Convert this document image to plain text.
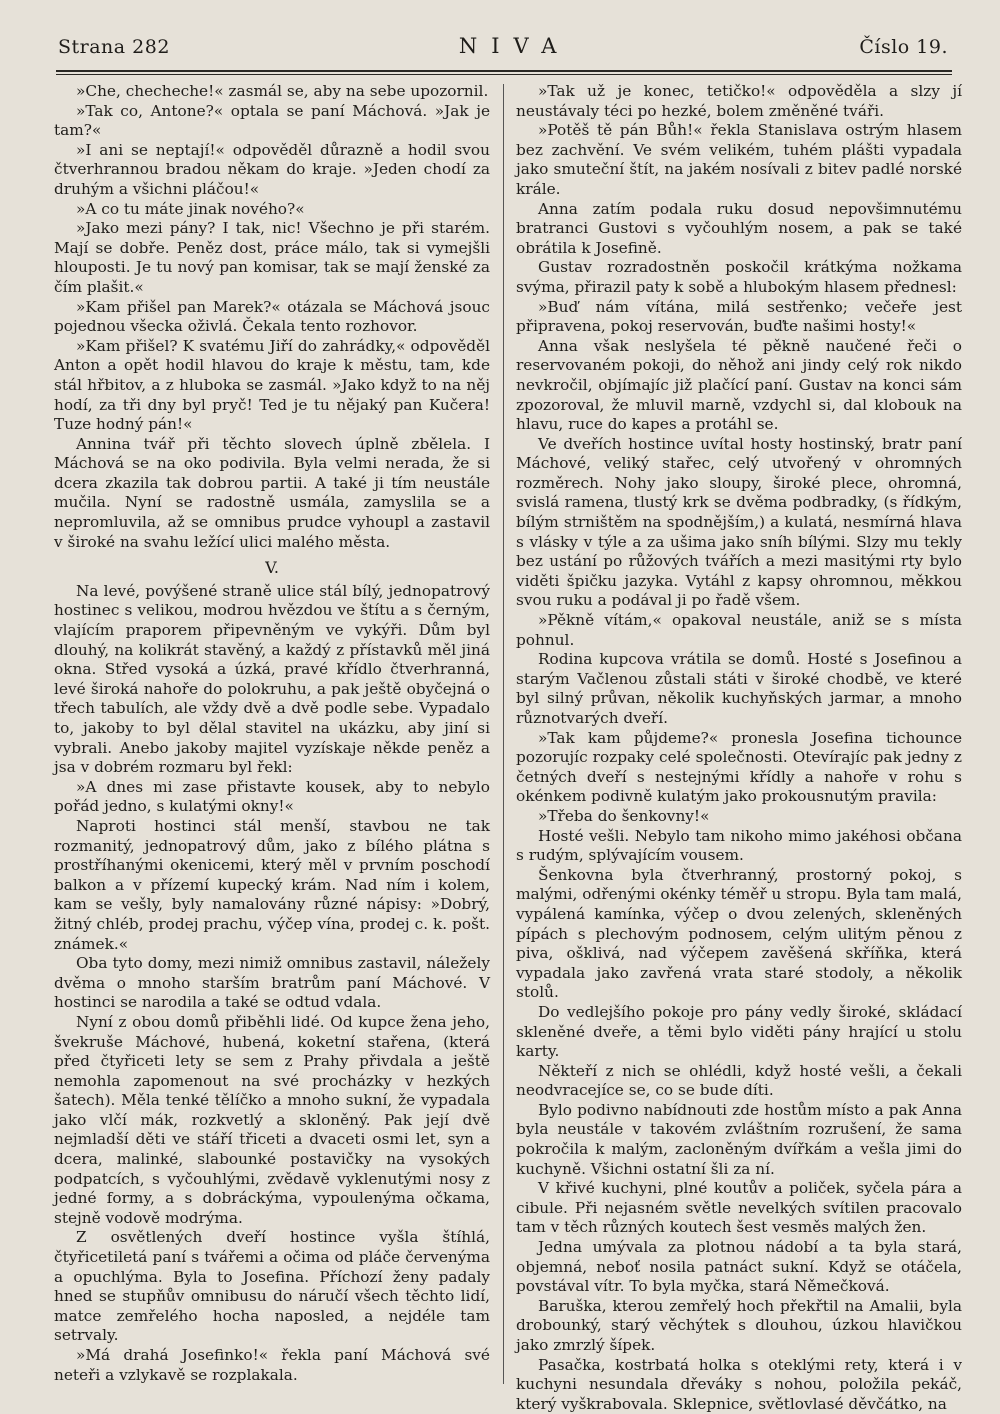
Strana 282	NIVA	Číslo 19.

»Che, checheche!« zasmál se, aby na sebe upozornil.

»Tak co, Antone?« optala se paní Máchová. »Jak je tam?«

»I ani se neptají!« odpověděl důrazně a hodil svou čtverhrannou bradou někam do kraje. »Jeden chodí za druhým a všichni pláčou!«

»A co tu máte jinak nového?«

»Jako mezi pány? I tak, nic! Všechno je při starém. Mají se dobře. Peněz dost, práce málo, tak si vymejšli hlouposti. Je tu nový pan komisar, tak se mají ženské za čím plašit.«

»Kam přišel pan Marek?« otázala se Máchová jsouc pojednou všecka oživlá. Čekala tento rozhovor.

»Kam přišel? K svatému Jiří do zahrádky,« odpověděl Anton a opět hodil hlavou do kraje k městu, tam, kde stál hřbitov, a z hluboka se zasmál. »Jako když to na něj hodí, za tři dny byl pryč! Ted je tu nějaký pan Kučera! Tuze hodný pán!«

Annina tvář při těchto slovech úplně zbělela. I Máchová se na oko podivila. Byla velmi nerada, že si dcera zkazila tak dobrou partii. A také ji tím neustále mučila. Nyní se radostně usmála, zamyslila se a nepromluvila, až se omnibus prudce vyhoupl a zastavil v široké na svahu ležící ulici malého města.

V.

Na levé, povýšené straně ulice stál bílý, jednopatrový hostinec s velikou, modrou hvězdou ve štítu a s černým, vlajícím praporem připevněným ve vykýři. Dům byl dlouhý, na kolikrát stavěný, a každý z přístavků měl jiná okna. Střed vysoká a úzká, pravé křídlo čtverhranná, levé široká nahoře do polokruhu, a pak ještě obyčejná o třech tabulích, ale vždy dvě a dvě podle sebe. Vypadalo to, jakoby to byl dělal stavitel na ukázku, aby jiní si vybrali. Anebo jakoby majitel vyzískaje někde peněz a jsa v dobrém rozmaru byl řekl:

»A dnes mi zase přistavte kousek, aby to nebylo pořád jedno, s kulatými okny!«

Naproti hostinci stál menší, stavbou ne tak rozmanitý, jednopatrový dům, jako z bílého plátna s prostříhanými okenicemi, který měl v prvním poschodí balkon a v přízemí kupecký krám. Nad ním i kolem, kam se vešly, byly namalovány různé nápisy: »Dobrý, žitný chléb, prodej prachu, výčep vína, prodej c. k. pošt. známek.«

Oba tyto domy, mezi nimiž omnibus zastavil, náležely dvěma o mnoho starším bratrům paní Máchové. V hostinci se narodila a také se odtud vdala.

Nyní z obou domů přiběhli lidé. Od kupce žena jeho, švekruše Máchové, hubená, koketní stařena, (která před čtyřiceti lety se sem z Prahy přivdala a ještě nemohla zapomenout na své procházky v hezkých šatech). Měla tenké tělíčko a mnoho sukní, že vypadala jako vlčí mák, rozkvetlý a skloněný. Pak její dvě nejmladší děti ve stáří třiceti a dvaceti osmi let, syn a dcera, malinké, slabounké postavičky na vysokých podpatcích, s vyčouhlými, zvědavě vyklenutými nosy z jedné formy, a s dobráckýma, vypoulenýma očkama, stejně vodově modrýma.

Z osvětlených dveří hostince vyšla štíhlá, čtyřicetiletá paní s tvářemi a očima od pláče červenýma a opuchlýma. Byla to Josefina. Příchozí ženy padaly hned se stupňův omnibusu do náručí všech těchto lidí, matce zemřelého hocha naposled, a nejdéle tam setrvaly.

»Má drahá Josefinko!« řekla paní Máchová své neteři a vzlykavě se rozplakala.

»Tak už je konec, tetičko!« odpověděla a slzy jí neustávaly téci po hezké, bolem změněné tváři.

»Potěš tě pán Bůh!« řekla Stanislava ostrým hlasem bez zachvění. Ve svém velikém, tuhém plášti vypadala jako smuteční štít, na jakém nosívali z bitev padlé norské krále.

Anna zatím podala ruku dosud nepovšimnutému bratranci Gustovi s vyčouhlým nosem, a pak se také obrátila k Josefině.

Gustav rozradostněn poskočil krátkýma nožkama svýma, přirazil paty k sobě a hlubokým hlasem přednesl:

»Buď nám vítána, milá sestřenko; večeře jest připravena, pokoj reservován, buďte našimi hosty!«

Anna však neslyšela té pěkně naučené řeči o reservovaném pokoji, do něhož ani jindy celý rok nikdo nevkročil, objímajíc již plačící paní. Gustav na konci sám zpozoroval, že mluvil marně, vzdychl si, dal klobouk na hlavu, ruce do kapes a protáhl se.

Ve dveřích hostince uvítal hosty hostinský, bratr paní Máchové, veliký stařec, celý utvořený v ohromných rozměrech. Nohy jako sloupy, široké plece, ohromná, svislá ramena, tlustý krk se dvěma podbradky, (s řídkým, bílým strništěm na spodnějším,) a kulatá, nesmírná hlava s vlásky v týle a za ušima jako sníh bílými. Slzy mu tekly bez ustání po růžových tvářích a mezi masitými rty bylo viděti špičku jazyka. Vytáhl z kapsy ohromnou, měkkou svou ruku a podával ji po řadě všem.

»Pěkně vítám,« opakoval neustále, aniž se s místa pohnul.

Rodina kupcova vrátila se domů. Hosté s Josefinou a starým Vačlenou zůstali státi v široké chodbě, ve které byl silný průvan, několik kuchyňských jarmar, a mnoho různotvarých dveří.

»Tak kam půjdeme?« pronesla Josefina tichounce pozorujíc rozpaky celé společnosti. Otevírajíc pak jedny z četných dveří s nestejnými křídly a nahoře v rohu s okénkem podivně kulatým jako prokousnutým pravila:

»Třeba do šenkovny!«

Hosté vešli. Nebylo tam nikoho mimo jakéhosi občana s rudým, splývajícím vousem.

Šenkovna byla čtverhranný, prostorný pokoj, s malými, odřenými okénky téměř u stropu. Byla tam malá, vypálená kamínka, výčep o dvou zelených, skleněných pípách s plechovým podnosem, celým ulitým pěnou z piva, ošklivá, nad výčepem zavěšená skříňka, která vypadala jako zavřená vrata staré stodoly, a několik stolů.

Do vedlejšího pokoje pro pány vedly široké, skládací skleněné dveře, a těmi bylo viděti pány hrající u stolu karty.

Někteří z nich se ohlédli, když hosté vešli, a čekali neodvracejíce se, co se bude díti.

Bylo podivno nabídnouti zde hostům místo a pak Anna byla neustále v takovém zvláštním rozrušení, že sama pokročila k malým, zacloněným dvířkám a vešla jimi do kuchyně. Všichni ostatní šli za ní.

V křivé kuchyni, plné koutův a poliček, syčela pára a cibule. Při nejasném světle nevelkých svítilen pracovalo tam v těch různých koutech šest vesměs malých žen.

Jedna umývala za plotnou nádobí a ta byla stará, objemná, neboť nosila patnáct sukní. Když se otáčela, povstával vítr. To byla myčka, stará Němečková.

Baruška, kterou zemřelý hoch překřtil na Amalii, byla drobounký, starý věchýtek s dlouhou, úzkou hlavičkou jako zmrzlý šípek.

Pasačka, kostrbatá holka s oteklými rety, která i v kuchyni nesundala dřeváky s nohou, položila pekáč, který vyškrabovala. Sklepnice, světlovlasé děvčátko, na
